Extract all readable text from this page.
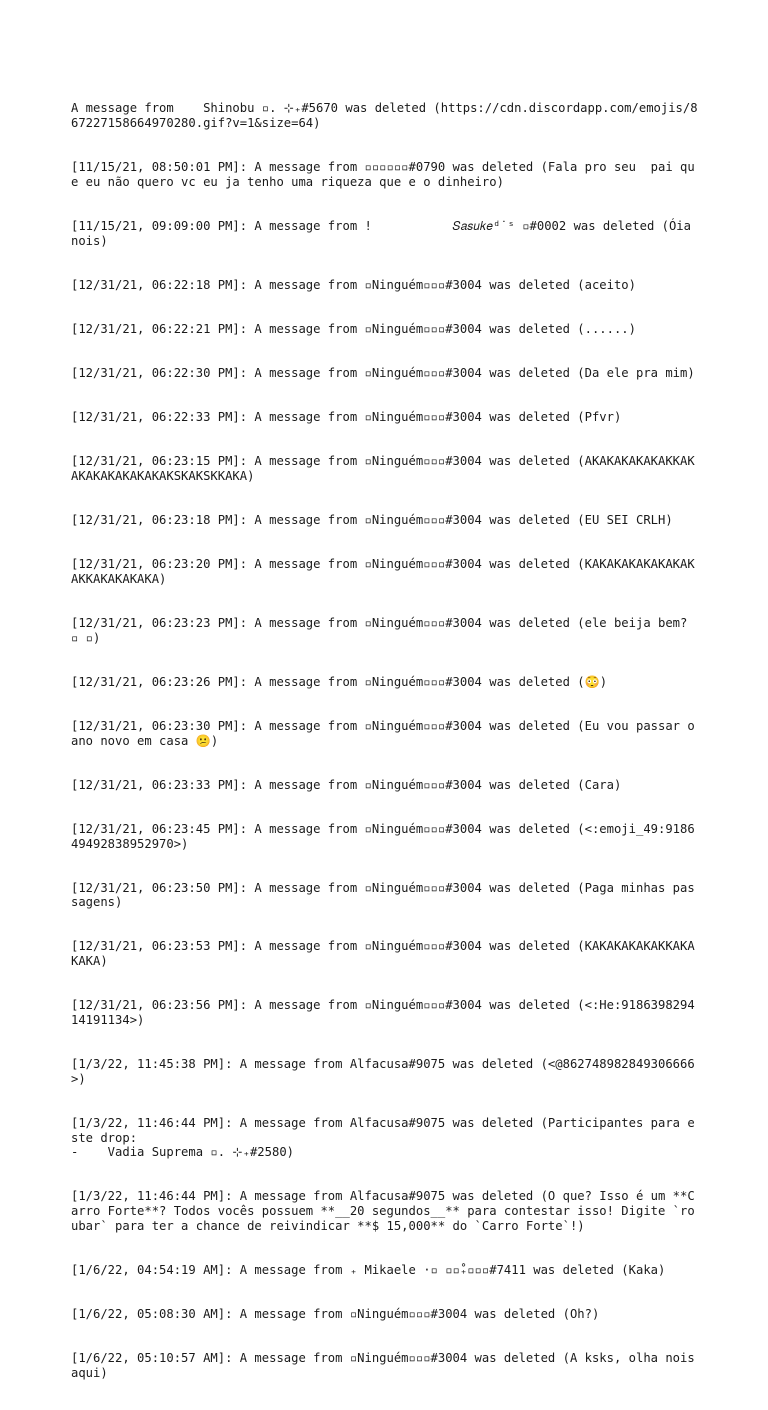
A message from    Shinobu ▫. ⊹₊#5670 was deleted (https://cdn.discordapp.com/emojis/867227158664970280.gif?v=1&size=64)

[11/15/21, 08:50:01 PM]: A message from ▫▫▫▫▫▫#0790 was deleted (Fala pro seu  pai que eu não quero vc eu ja tenho uma riqueza que e o dinheiro)

[11/15/21, 09:09:00 PM]: A message from !           𝑆𝑎𝑠𝑢𝑘𝑒ᵈ˙ˢ ▫#0002 was deleted (Óia nois)

[12/31/21, 06:22:18 PM]: A message from ▫Ninguém▫▫▫#3004 was deleted (aceito)

[12/31/21, 06:22:21 PM]: A message from ▫Ninguém▫▫▫#3004 was deleted (......)

[12/31/21, 06:22:30 PM]: A message from ▫Ninguém▫▫▫#3004 was deleted (Da ele pra mim)

[12/31/21, 06:22:33 PM]: A message from ▫Ninguém▫▫▫#3004 was deleted (Pfvr)

[12/31/21, 06:23:15 PM]: A message from ▫Ninguém▫▫▫#3004 was deleted (AKAKAKAKAKAKKAKAKAKAKAKAKAKAKSKAKSKKAKA)

[12/31/21, 06:23:18 PM]: A message from ▫Ninguém▫▫▫#3004 was deleted (EU SEI CRLH)

[12/31/21, 06:23:20 PM]: A message from ▫Ninguém▫▫▫#3004 was deleted (KAKAKAKAKAKAKAKAKKAKAKAKAKA)

[12/31/21, 06:23:23 PM]: A message from ▫Ninguém▫▫▫#3004 was deleted (ele beija bem? ▫ ▫)

[12/31/21, 06:23:26 PM]: A message from ▫Ninguém▫▫▫#3004 was deleted (😳)

[12/31/21, 06:23:30 PM]: A message from ▫Ninguém▫▫▫#3004 was deleted (Eu vou passar o ano novo em casa 😕)

[12/31/21, 06:23:33 PM]: A message from ▫Ninguém▫▫▫#3004 was deleted (Cara)

[12/31/21, 06:23:45 PM]: A message from ▫Ninguém▫▫▫#3004 was deleted (<:emoji_49:918649492838952970>)

[12/31/21, 06:23:50 PM]: A message from ▫Ninguém▫▫▫#3004 was deleted (Paga minhas passagens)

[12/31/21, 06:23:53 PM]: A message from ▫Ninguém▫▫▫#3004 was deleted (KAKAKAKAKAKKAKAKAKA)

[12/31/21, 06:23:56 PM]: A message from ▫Ninguém▫▫▫#3004 was deleted (<:He:918639829414191134>)

[1/3/22, 11:45:38 PM]: A message from Alfacusa#9075 was deleted (<@862748982849306666>)

[1/3/22, 11:46:44 PM]: A message from Alfacusa#9075 was deleted (Participantes para este drop:
-    Vadia Suprema ▫. ⊹₊#2580)

[1/3/22, 11:46:44 PM]: A message from Alfacusa#9075 was deleted (O que? Isso é um **Carro Forte**? Todos vocês possuem **__20 segundos__** para contestar isso! Digite `roubar` para ter a chance de reivindicar **$ 15,000** do `Carro Forte`!)

[1/6/22, 04:54:19 AM]: A message from ₊ Mikaele ·▫ ▫▫̊₊▫▫▫#7411 was deleted (Kaka)

[1/6/22, 05:08:30 AM]: A message from ▫Ninguém▫▫▫#3004 was deleted (Oh?)

[1/6/22, 05:10:57 AM]: A message from ▫Ninguém▫▫▫#3004 was deleted (A ksks, olha nois aqui)
